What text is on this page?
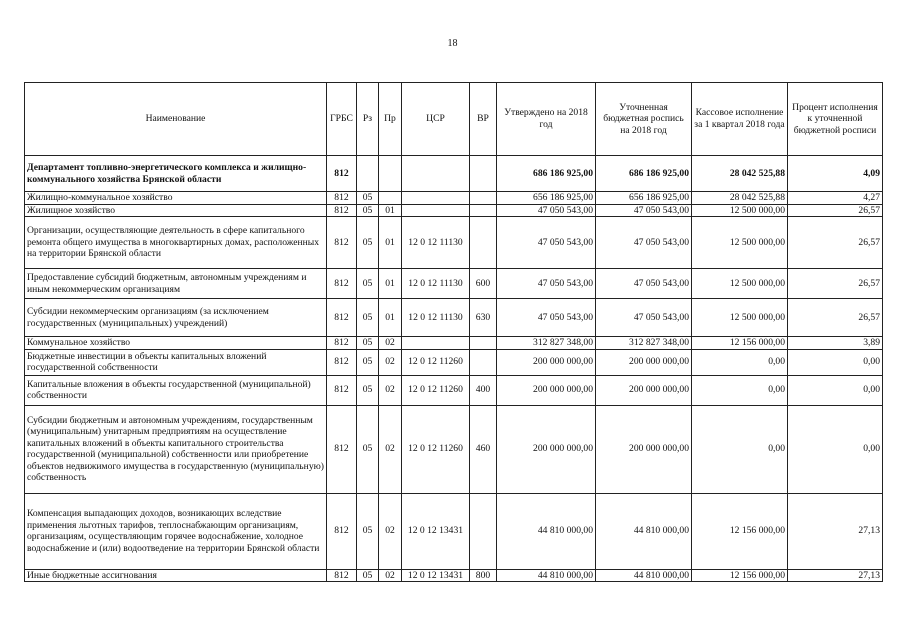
18
Наименование	ГРБС	Рз	Пр	ЦСР	ВР	Утверждено на 2018 год	Уточненная бюджетная роспись на 2018 год	Кассовое исполнение за 1 квартал 2018 года	Процент исполнения к уточненной бюджетной росписи
Департамент топливно-энергетического комплекса и жилищно-коммунального хозяйства Брянской области	812					686 186 925,00	686 186 925,00	28 042 525,88	4,09
Жилищно-коммунальное хозяйство	812	05				656 186 925,00	656 186 925,00	28 042 525,88	4,27
Жилищное хозяйство	812	05	01			47 050 543,00	47 050 543,00	12 500 000,00	26,57
Организации, осуществляющие деятельность в сфере капитального ремонта общего имущества в многоквартирных домах, расположенных на территории Брянской области	812	05	01	12 0 12 11130		47 050 543,00	47 050 543,00	12 500 000,00	26,57
Предоставление субсидий бюджетным, автономным учреждениям и иным некоммерческим организациям	812	05	01	12 0 12 11130	600	47 050 543,00	47 050 543,00	12 500 000,00	26,57
Субсидии некоммерческим организациям (за исключением государственных (муниципальных) учреждений)	812	05	01	12 0 12 11130	630	47 050 543,00	47 050 543,00	12 500 000,00	26,57
Коммунальное хозяйство	812	05	02			312 827 348,00	312 827 348,00	12 156 000,00	3,89
Бюджетные инвестиции в объекты капитальных вложений государственной собственности	812	05	02	12 0 12 11260		200 000 000,00	200 000 000,00	0,00	0,00
Капитальные вложения в объекты государственной (муниципальной) собственности	812	05	02	12 0 12 11260	400	200 000 000,00	200 000 000,00	0,00	0,00
Субсидии бюджетным и автономным учреждениям, государственным (муниципальным) унитарным предприятиям на осуществление капитальных вложений в объекты капитального строительства государственной (муниципальной) собственности или приобретение объектов недвижимого имущества в государственную (муниципальную) собственность	812	05	02	12 0 12 11260	460	200 000 000,00	200 000 000,00	0,00	0,00
Компенсация выпадающих доходов, возникающих вследствие применения льготных тарифов, теплоснабжающим организациям, организациям, осуществляющим горячее водоснабжение, холодное водоснабжение и (или) водоотведение на территории Брянской области	812	05	02	12 0 12 13431		44 810 000,00	44 810 000,00	12 156 000,00	27,13
Иные бюджетные ассигнования	812	05	02	12 0 12 13431	800	44 810 000,00	44 810 000,00	12 156 000,00	27,13
